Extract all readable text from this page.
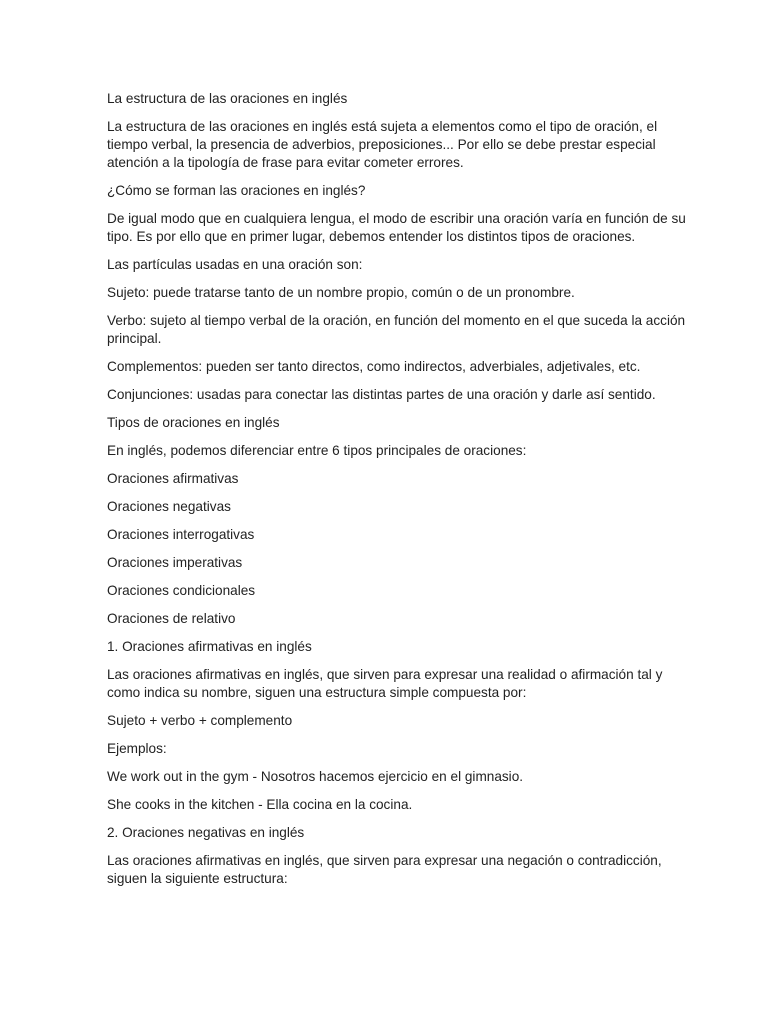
La estructura de las oraciones en inglés

La estructura de las oraciones en inglés está sujeta a elementos como el tipo de oración, el tiempo verbal, la presencia de adverbios, preposiciones... Por ello se debe prestar especial atención a la tipología de frase para evitar cometer errores.

¿Cómo se forman las oraciones en inglés?

De igual modo que en cualquiera lengua, el modo de escribir una oración varía en función de su tipo. Es por ello que en primer lugar, debemos entender los distintos tipos de oraciones.

Las partículas usadas en una oración son:

Sujeto: puede tratarse tanto de un nombre propio, común o de un pronombre.

Verbo: sujeto al tiempo verbal de la oración, en función del momento en el que suceda la acción principal.

Complementos: pueden ser tanto directos, como indirectos, adverbiales, adjetivales, etc.

Conjunciones: usadas para conectar las distintas partes de una oración y darle así sentido.

Tipos de oraciones en inglés

En inglés, podemos diferenciar entre 6 tipos principales de oraciones:

Oraciones afirmativas

Oraciones negativas

Oraciones interrogativas

Oraciones imperativas

Oraciones condicionales

Oraciones de relativo

1. Oraciones afirmativas en inglés

Las oraciones afirmativas en inglés, que sirven para expresar una realidad o afirmación tal y como indica su nombre, siguen una estructura simple compuesta por:

Sujeto + verbo + complemento

Ejemplos:

We work out in the gym - Nosotros hacemos ejercicio en el gimnasio.

She cooks in the kitchen - Ella cocina en la cocina.

2. Oraciones negativas en inglés

Las oraciones afirmativas en inglés, que sirven para expresar una negación o contradicción, siguen la siguiente estructura:
